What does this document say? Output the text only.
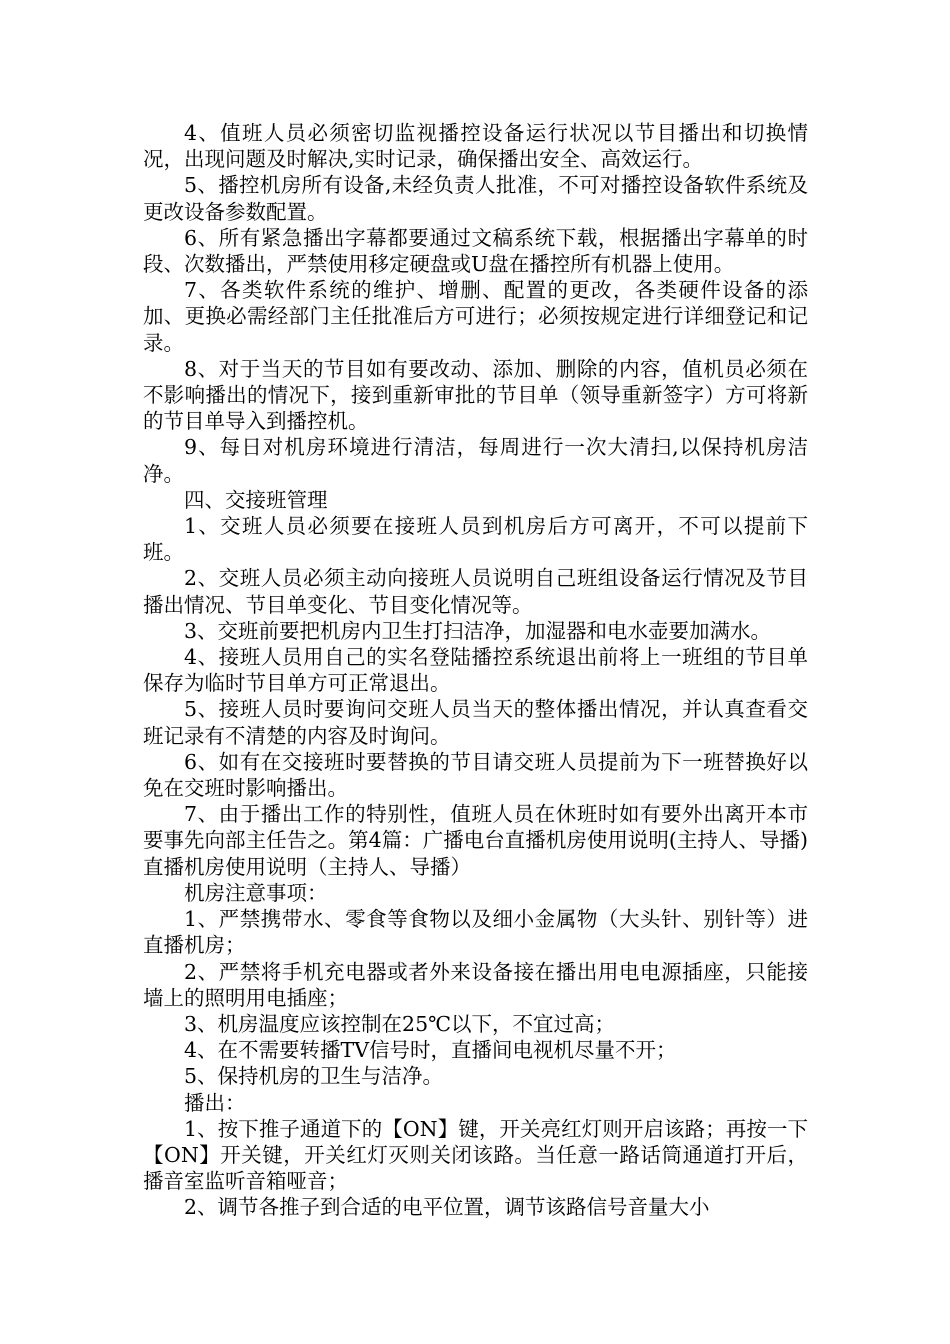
4、值班人员必须密切监视播控设备运行状况以节目播出和切换情况，出现问题及时解决,实时记录，确保播出安全、高效运行。

5、播控机房所有设备,未经负责人批准，不可对播控设备软件系统及更改设备参数配置。

6、所有紧急播出字幕都要通过文稿系统下载，根据播出字幕单的时段、次数播出，严禁使用移定硬盘或U盘在播控所有机器上使用。

7、各类软件系统的维护、增删、配置的更改，各类硬件设备的添加、更换必需经部门主任批准后方可进行；必须按规定进行详细登记和记录。

8、对于当天的节目如有要改动、添加、删除的内容，值机员必须在不影响播出的情况下，接到重新审批的节目单（领导重新签字）方可将新的节目单导入到播控机。

9、每日对机房环境进行清洁，每周进行一次大清扫,以保持机房洁净。

四、交接班管理

1、交班人员必须要在接班人员到机房后方可离开，不可以提前下班。

2、交班人员必须主动向接班人员说明自己班组设备运行情况及节目播出情况、节目单变化、节目变化情况等。

3、交班前要把机房内卫生打扫洁净，加湿器和电水壶要加满水。

4、接班人员用自己的实名登陆播控系统退出前将上一班组的节目单保存为临时节目单方可正常退出。

5、接班人员时要询问交班人员当天的整体播出情况，并认真查看交班记录有不清楚的内容及时询问。

6、如有在交接班时要替换的节目请交班人员提前为下一班替换好以免在交班时影响播出。

7、由于播出工作的特别性，值班人员在休班时如有要外出离开本市要事先向部主任告之。第4篇：广播电台直播机房使用说明(主持人、导播)直播机房使用说明（主持人、导播）

机房注意事项：

1、严禁携带水、零食等食物以及细小金属物（大头针、别针等）进直播机房；

2、严禁将手机充电器或者外来设备接在播出用电电源插座，只能接墙上的照明用电插座；

3、机房温度应该控制在25℃以下，不宜过高；

4、在不需要转播TV信号时，直播间电视机尽量不开；

5、保持机房的卫生与洁净。

播出：

1、按下推子通道下的【ON】键，开关亮红灯则开启该路；再按一下【ON】开关键，开关红灯灭则关闭该路。当任意一路话筒通道打开后，播音室监听音箱哑音；

2、调节各推子到合适的电平位置，调节该路信号音量大小
